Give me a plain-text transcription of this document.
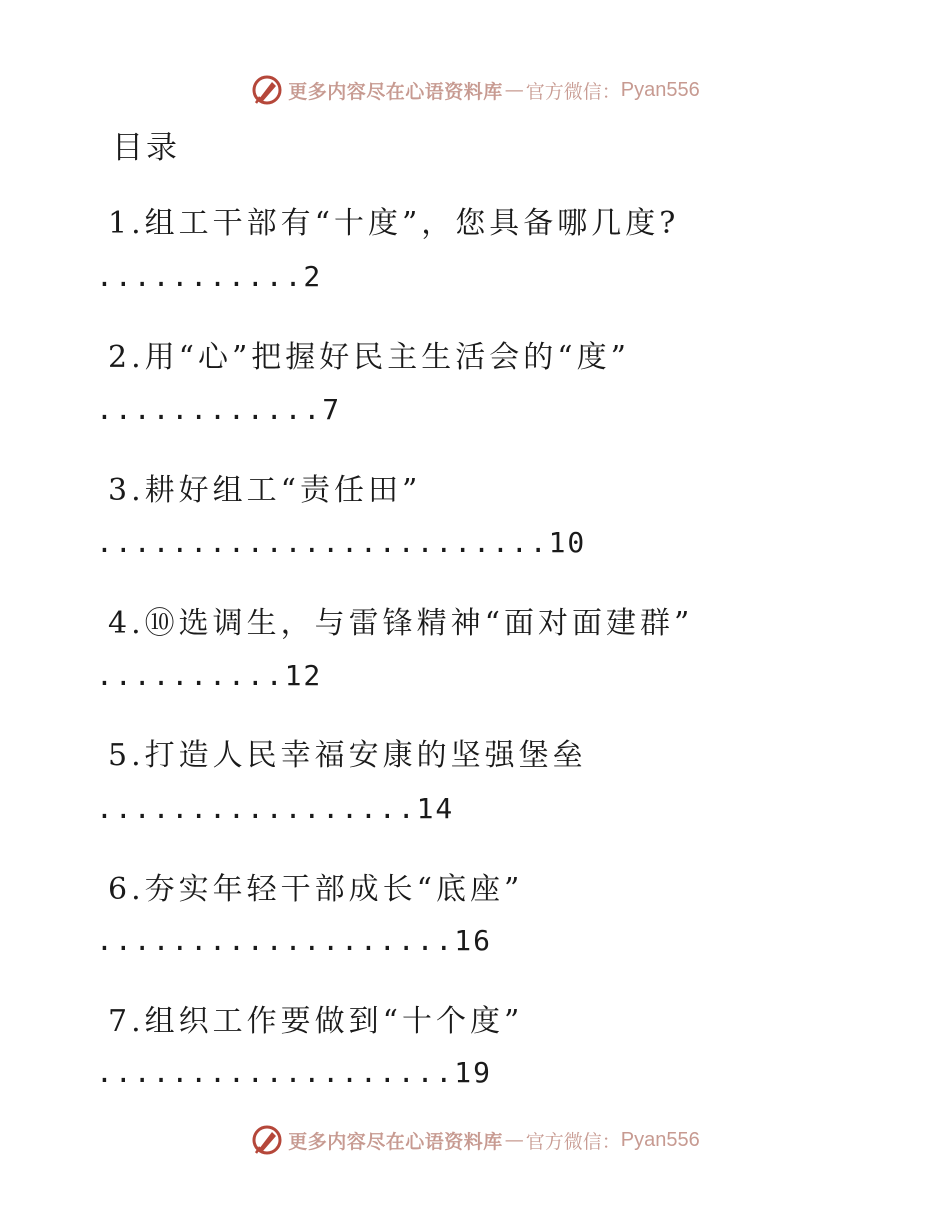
更多内容尽在心语资料库 — 官方微信： Pyan556
目录
1.组工干部有“十度”，您具备哪几度?
...........2
2.用“心”把握好民主生活会的“度”
............7
3.耕好组工“责任田”
........................10
4.⑩选调生，与雷锋精神“面对面建群”
..........12
5.打造人民幸福安康的坚强堡垒
.................14
6.夯实年轻干部成长“底座”
...................16
7.组织工作要做到“十个度”
...................19
更多内容尽在心语资料库 — 官方微信： Pyan556
